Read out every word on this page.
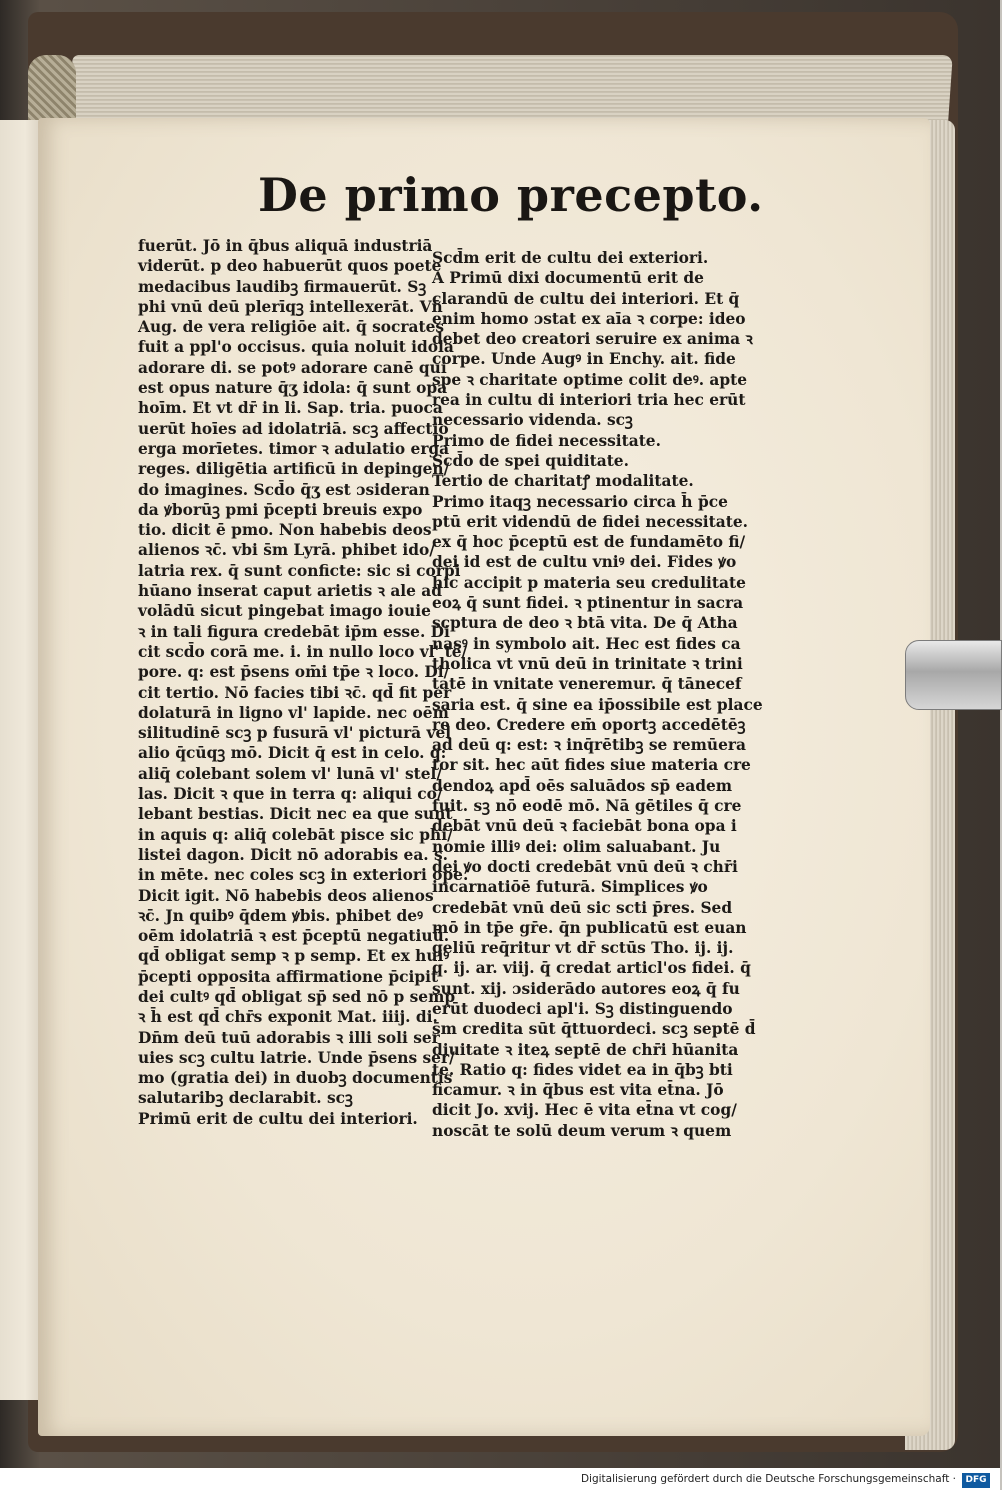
De primo precepto.
fuerūt. Jō in q̄bus aliquā industriā
viderūt. p deo habuerūt quos poete
medacibus laudibꝫ firmauerūt. Sꝫ
phi vnū deū plerīqꝫ intellexerāt. Vn̄
Aug. de vera religiōe ait. q̄ socrates
fuit a ppl'o occisus. quia noluit idola
adorare di. se potꝰ adorare canē qui
est opus nature q̄ʒ idola: q̄ sunt opa
hoīm. Et vt dr̄ in li. Sap. tria. puoca
uerūt hoīes ad idolatriā. scꝫ affectio
erga morīetes. timor ꝛ adulatio erga
reges. diligētia artificū in depingen/
do imagines. Scd̄o q̄ʒ est ɔsideran
da ꝟborūꝫ pmi p̄cepti breuis expo
tio. dicit ē pmo. Non habebis deos
alienos ꝛc̄. vbi s̄m Lyrā. phibet ido/
latria rex. q̄ sunt conficte: sic si corpi
hūano inserat caput arietis ꝛ ale ad
volādū sicut pingebat imago iouie
ꝛ in tali figura credebāt ip̄m esse. Di
cit scd̄o corā me. i. in nullo loco vl' tē/
pore. q: est p̄sens om̄i tp̄e ꝛ loco. Di/
cit tertio. Nō facies tibi ꝛc̄. qd̄ fit per
dolaturā in ligno vl' lapide. nec oēm
silitudinē scꝫ p fusurā vl' picturā vel
alio q̄cūqꝫ mō. Dicit q̄ est in celo. q:
aliq̄ colebant solem vl' lunā vl' stel/
las. Dicit ꝛ que in terra q: aliqui co/
lebant bestias. Dicit nec ea que sunt
in aquis q: aliq̄ colebāt pisce sic phi/
listei dagon. Dicit nō adorabis ea. s.
in mēte. nec coles scꝫ in exteriori ope.
Dicit igit. Nō habebis deos alienos
ꝛc̄. Jn quibꝰ q̄dem ꝟbis. phibet deꝰ
oēm idolatriā ꝛ est p̄ceptū negatiuū.
qd̄ obligat semp ꝛ p semp. Et ex huiꝰ
p̄cepti opposita affirmatione p̄cipit
dei cultꝰ qd̄ obligat sp̄ sed nō p semp
ꝛ h̄ est qd̄ chr̄s exponit Mat. iiij. di.
Dn̄m deū tuū adorabis ꝛ illi soli ser
uies scꝫ cultu latrie. Unde p̄sens ser/
mo (gratia dei) in duobꝫ documentis
salutaribꝫ declarabit. scꝫ
Primū erit de cultu dei interiori.
Scd̄m erit de cultu dei exteriori.
A Primū dixi documentū erit de
clarandū de cultu dei interiori. Et q̄
enim homo ɔstat ex aīa ꝛ corpe: ideo
debet deo creatori seruire ex anima ꝛ
corpe. Unde Augꝰ in Enchy. ait. fide
spe ꝛ charitate optime colit deꝰ. apte
rea in cultu di interiori tria hec erūt
necessario videnda. scꝫ
Primo de fidei necessitate.
Scd̄o de spei quiditate.
Tertio de charitatꝭ modalitate.
Primo itaqꝫ necessario circa h̄ p̄ce
ptū erit videndū de fidei necessitate.
ex q̄ hoc p̄ceptū est de fundamēto fi/
dei id est de cultu vniꝰ dei. Fides ꝟo
hic accipit p materia seu credulitate
eoꝝ q̄ sunt fidei. ꝛ ptinentur in sacra
scptura de deo ꝛ btā vita. De q̄ Atha
nasꝰ in symbolo ait. Hec est fides ca
tholica vt vnū deū in trinitate ꝛ trini
tatē in vnitate veneremur. q̄ tānecef
saria est. q̄ sine ea ip̄ossibile est place
re deo. Credere em̄ oportꝫ accedētēꝫ
ad deū q: est: ꝛ inq̄rētibꝫ se remūera
tor sit. hec aūt fides siue materia cre
dendoꝝ apd̄ oēs saluādos sp̄ eadem
fuit. sꝫ nō eodē mō. Nā gētiles q̄ cre
debāt vnū deū ꝛ faciebāt bona opa i
nomie illiꝰ dei: olim saluabant. Ju
dei ꝟo docti credebāt vnū deū ꝛ chr̄i
incarnatiōē futurā. Simplices ꝟo
credebāt vnū deū sic scti p̄res. Sed
mō in tp̄e gr̄e. q̄n publicatū est euan
geliū req̄ritur vt dr̄ sctūs Tho. ij. ij.
q. ij. ar. viij. q̄ credat articl'os fidei. q̄
sunt. xij. ɔsiderādo autores eoꝝ q̄ fu
erūt duodeci apl'i. Sꝫ distinguendo
s̄m credita sūt q̄ttuordeci. scꝫ septē d̄
diuitate ꝛ iteꝝ septē de chr̄i hūanita
te. Ratio q: fides videt ea in q̄bꝫ bti
ficamur. ꝛ in q̄bus est vita et̄na. Jō
dicit Jo. xvij. Hec ē vita et̄na vt cog/
noscāt te solū deum verum ꝛ quem
Digitalisierung gefördert durch die Deutsche Forschungsgemeinschaft · DFG
